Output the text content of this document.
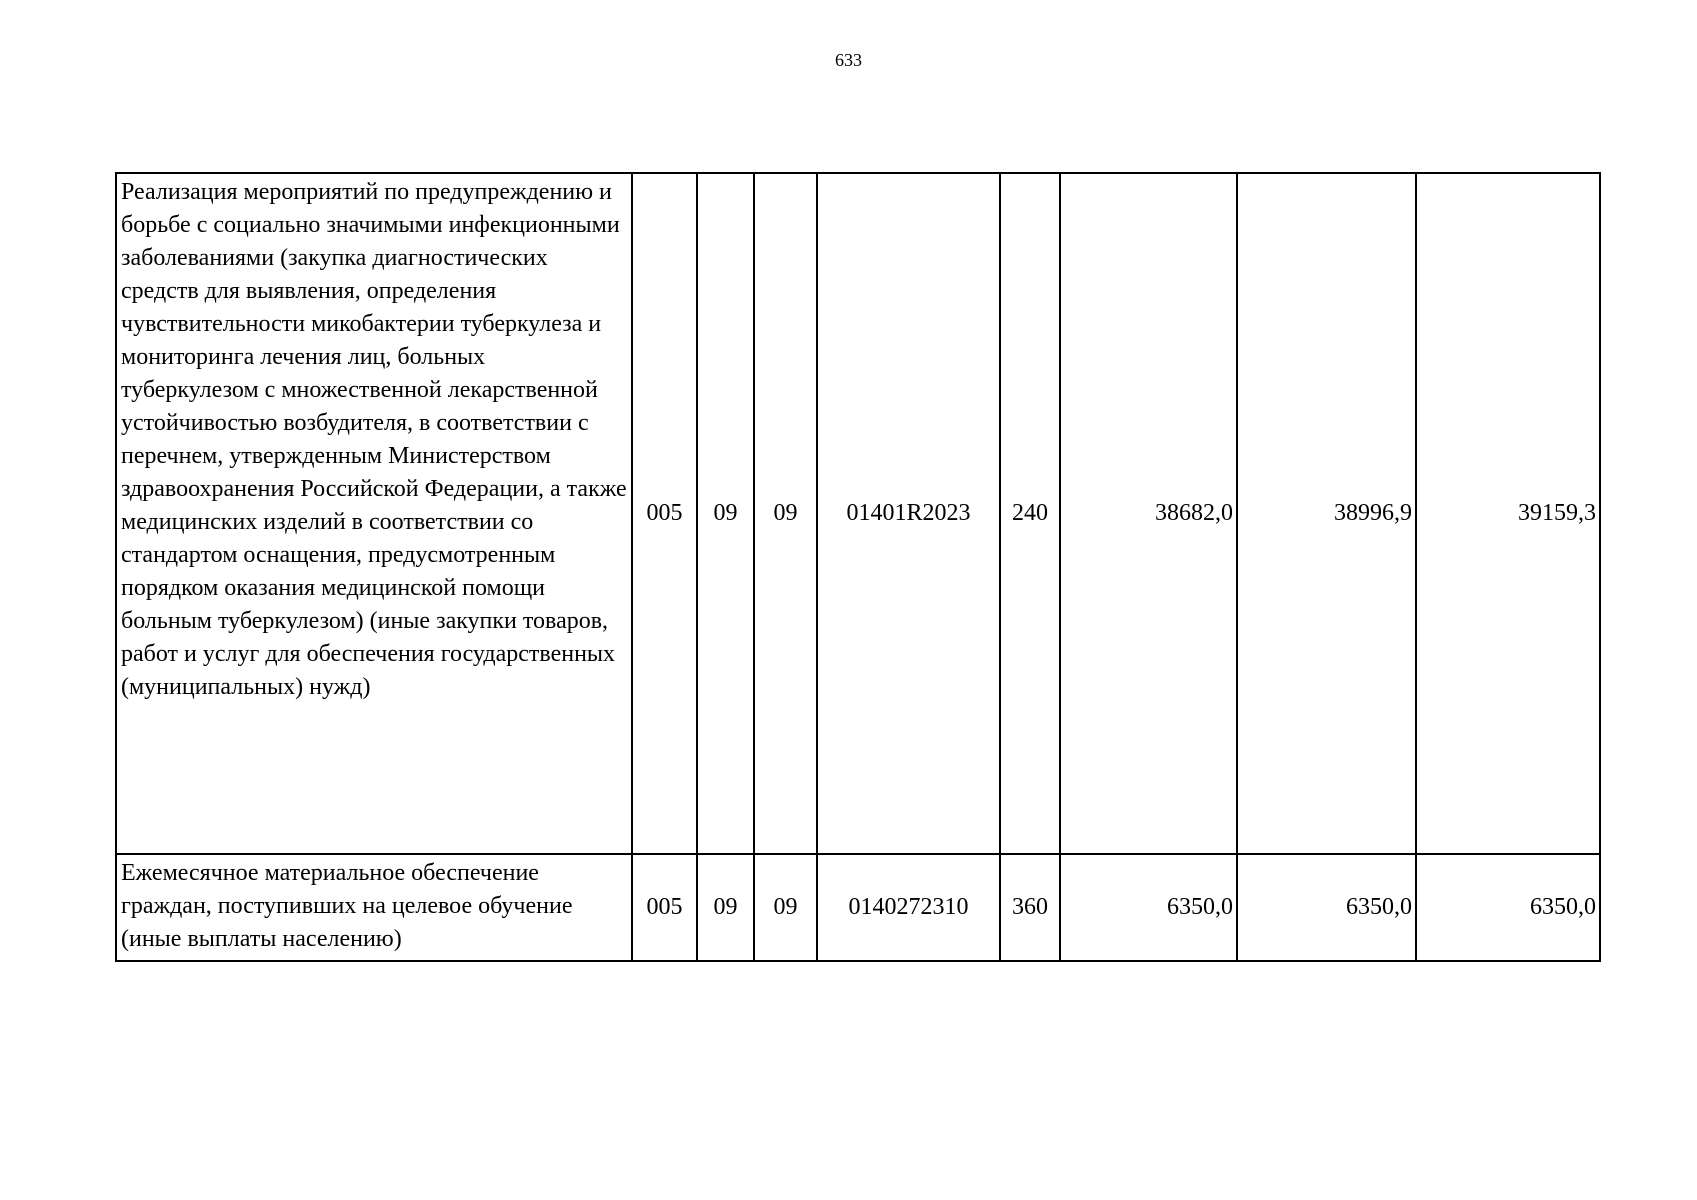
633
Реализация мероприятий по предупреждению и борьбе с социально значимыми инфекционными заболеваниями (закупка диагностических средств для выявления, определения чувствительности микобактерии туберкулеза и мониторинга лечения лиц, больных туберкулезом с множественной лекарственной устойчивостью возбудителя, в соответствии с перечнем, утвержденным Министерством здравоохранения Российской Федерации, а также медицинских изделий в соответствии со стандартом оснащения, предусмотренным порядком оказания медицинской помощи больным туберкулезом) (иные закупки товаров, работ и услуг для обеспечения государственных (муниципальных) нужд)	005	09	09	01401R2023	240	38682,0	38996,9	39159,3
Ежемесячное материальное обеспечение граждан, поступивших на целевое обучение (иные выплаты населению)	005	09	09	0140272310	360	6350,0	6350,0	6350,0
